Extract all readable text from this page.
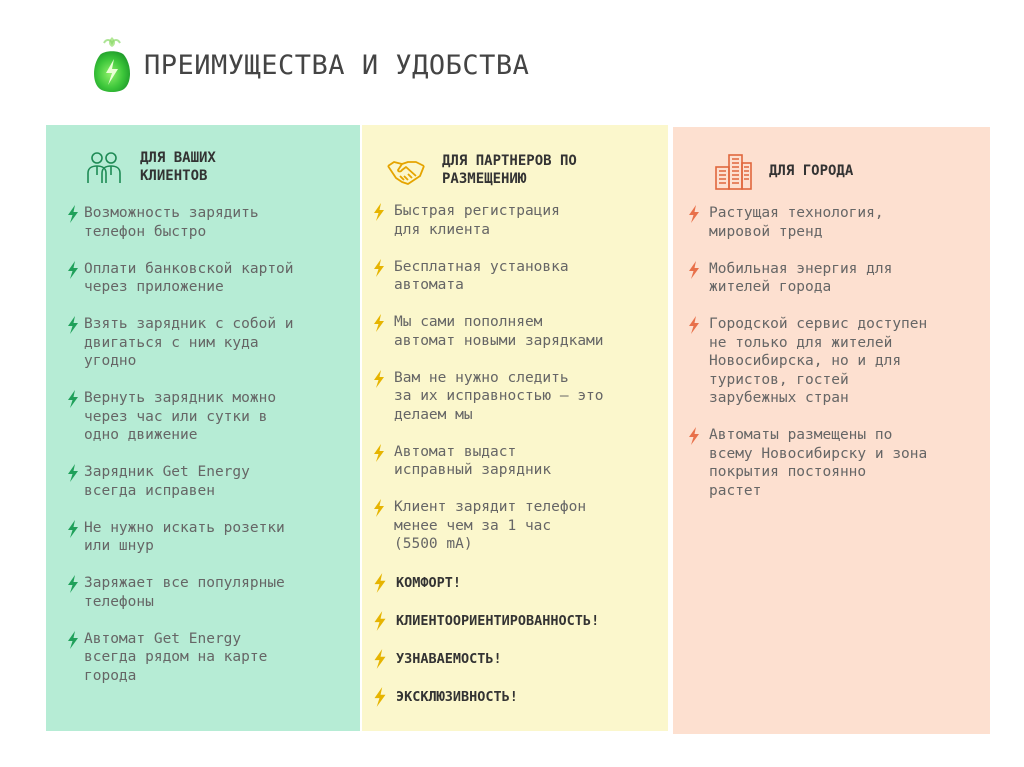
ПРЕИМУЩЕСТВА И УДОБСТВА
ДЛЯ ВАШИХ
КЛИЕНТОВ
Возможность зарядить
телефон быстро
Оплати банковской картой
через приложение
Взять зарядник с собой и
двигаться с ним куда
угодно
Вернуть зарядник можно
через час или сутки в
одно движение
Зарядник Get Energy
всегда исправен
Не нужно искать розетки
или шнур
Заряжает все популярные
телефоны
Автомат Get Energy
всегда рядом на карте
города
ДЛЯ ПАРТНЕРОВ ПО
РАЗМЕЩЕНИЮ
Быстрая регистрация
для клиента
Бесплатная установка
автомата
Мы сами пополняем
автомат новыми зарядками
Вам не нужно следить
за их исправностью – это
делаем мы
Автомат выдаст
исправный зарядник
Клиент зарядит телефон
менее чем за 1 час
(5500 mA)
КОМФОРТ!
КЛИЕНТООРИЕНТИРОВАННОСТЬ!
УЗНАВАЕМОСТЬ!
ЭКСКЛЮЗИВНОСТЬ!
ДЛЯ ГОРОДА
Растущая технология,
мировой тренд
Мобильная энергия для
жителей города
Городской сервис доступен
не только для жителей
Новосибирска, но и для
туристов, гостей
зарубежных стран
Автоматы размещены по
всему Новосибирску и зона
покрытия постоянно
растет
